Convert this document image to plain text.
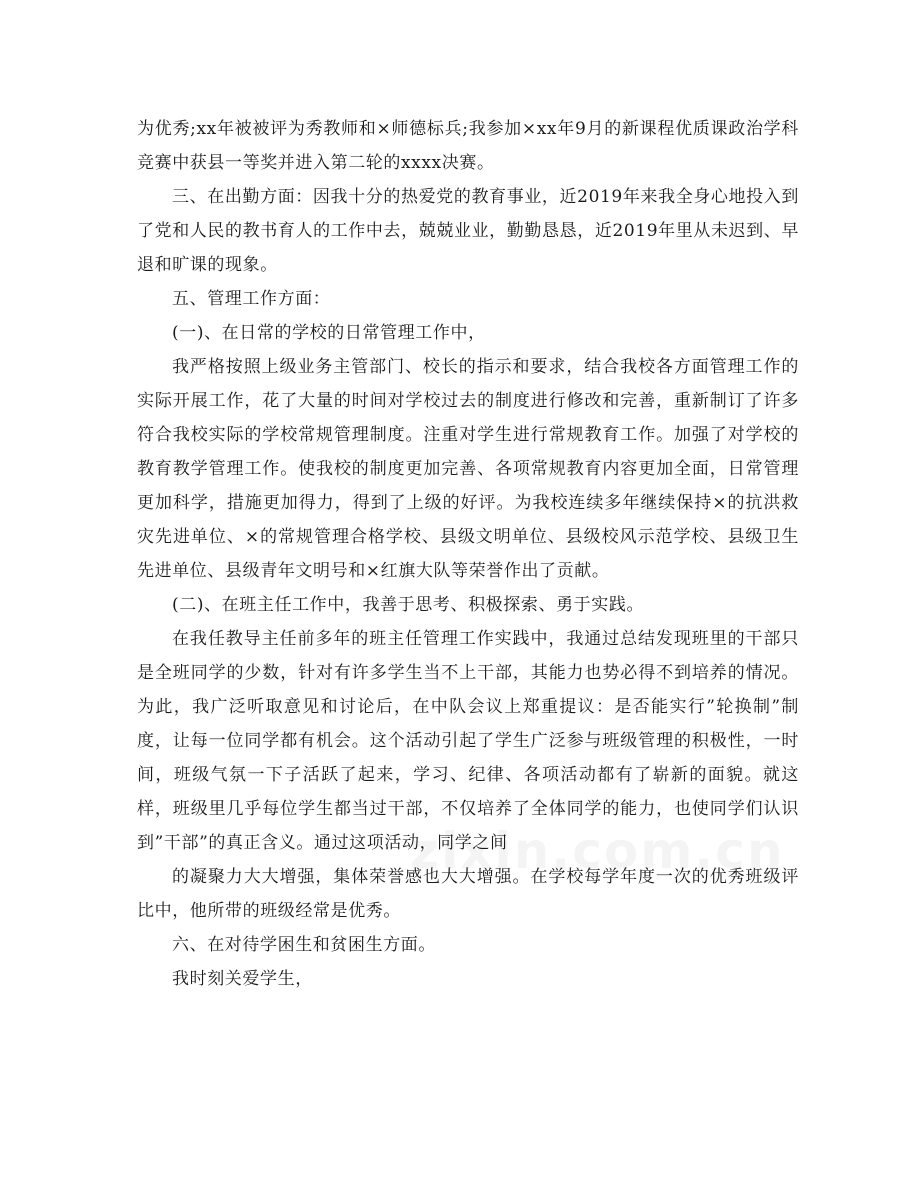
为优秀;xx年被被评为秀教师和×师德标兵;我参加×xx年9月的新课程优质课政治学科竞赛中获县一等奖并进入第二轮的xxxx决赛。

三、在出勤方面：因我十分的热爱党的教育事业，近2019年来我全身心地投入到了党和人民的教书育人的工作中去，兢兢业业，勤勤恳恳，近2019年里从未迟到、早退和旷课的现象。

五、管理工作方面：

(一)、在日常的学校的日常管理工作中，

我严格按照上级业务主管部门、校长的指示和要求，结合我校各方面管理工作的实际开展工作，花了大量的时间对学校过去的制度进行修改和完善，重新制订了许多符合我校实际的学校常规管理制度。注重对学生进行常规教育工作。加强了对学校的教育教学管理工作。使我校的制度更加完善、各项常规教育内容更加全面，日常管理更加科学，措施更加得力，得到了上级的好评。为我校连续多年继续保持×的抗洪救灾先进单位、×的常规管理合格学校、县级文明单位、县级校风示范学校、县级卫生先进单位、县级青年文明号和×红旗大队等荣誉作出了贡献。

(二)、在班主任工作中，我善于思考、积极探索、勇于实践。

在我任教导主任前多年的班主任管理工作实践中，我通过总结发现班里的干部只是全班同学的少数，针对有许多学生当不上干部，其能力也势必得不到培养的情况。为此，我广泛听取意见和讨论后，在中队会议上郑重提议：是否能实行”轮换制”制度，让每一位同学都有机会。这个活动引起了学生广泛参与班级管理的积极性，一时间，班级气氛一下子活跃了起来，学习、纪律、各项活动都有了崭新的面貌。就这样，班级里几乎每位学生都当过干部，不仅培养了全体同学的能力，也使同学们认识到”干部”的真正含义。通过这项活动，同学之间

的凝聚力大大增强，集体荣誉感也大大增强。在学校每学年度一次的优秀班级评比中，他所带的班级经常是优秀。

六、在对待学困生和贫困生方面。

我时刻关爱学生，
